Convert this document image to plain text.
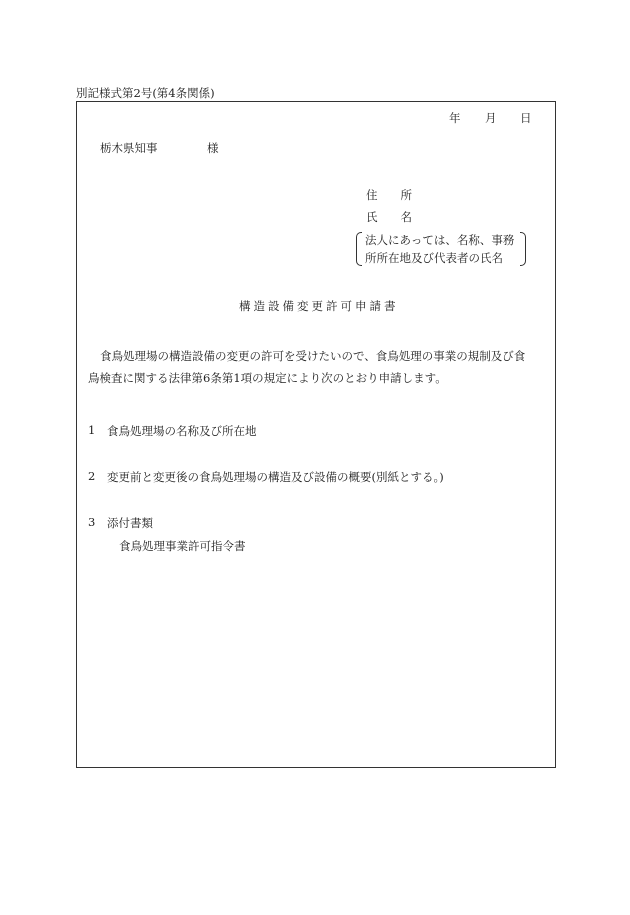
別記様式第2号(第4条関係)
年 月 日
栃木県知事	様
住　　所
氏　　名
法人にあっては、名称、事務
所所在地及び代表者の氏名
構造設備変更許可申請書
食鳥処理場の構造設備の変更の許可を受けたいので、食鳥処理の事業の規制及び食
鳥検査に関する法律第6条第1項の規定により次のとおり申請します。
1 食鳥処理場の名称及び所在地
2 変更前と変更後の食鳥処理場の構造及び設備の概要(別紙とする。)
3 添付書類
食鳥処理事業許可指令書
